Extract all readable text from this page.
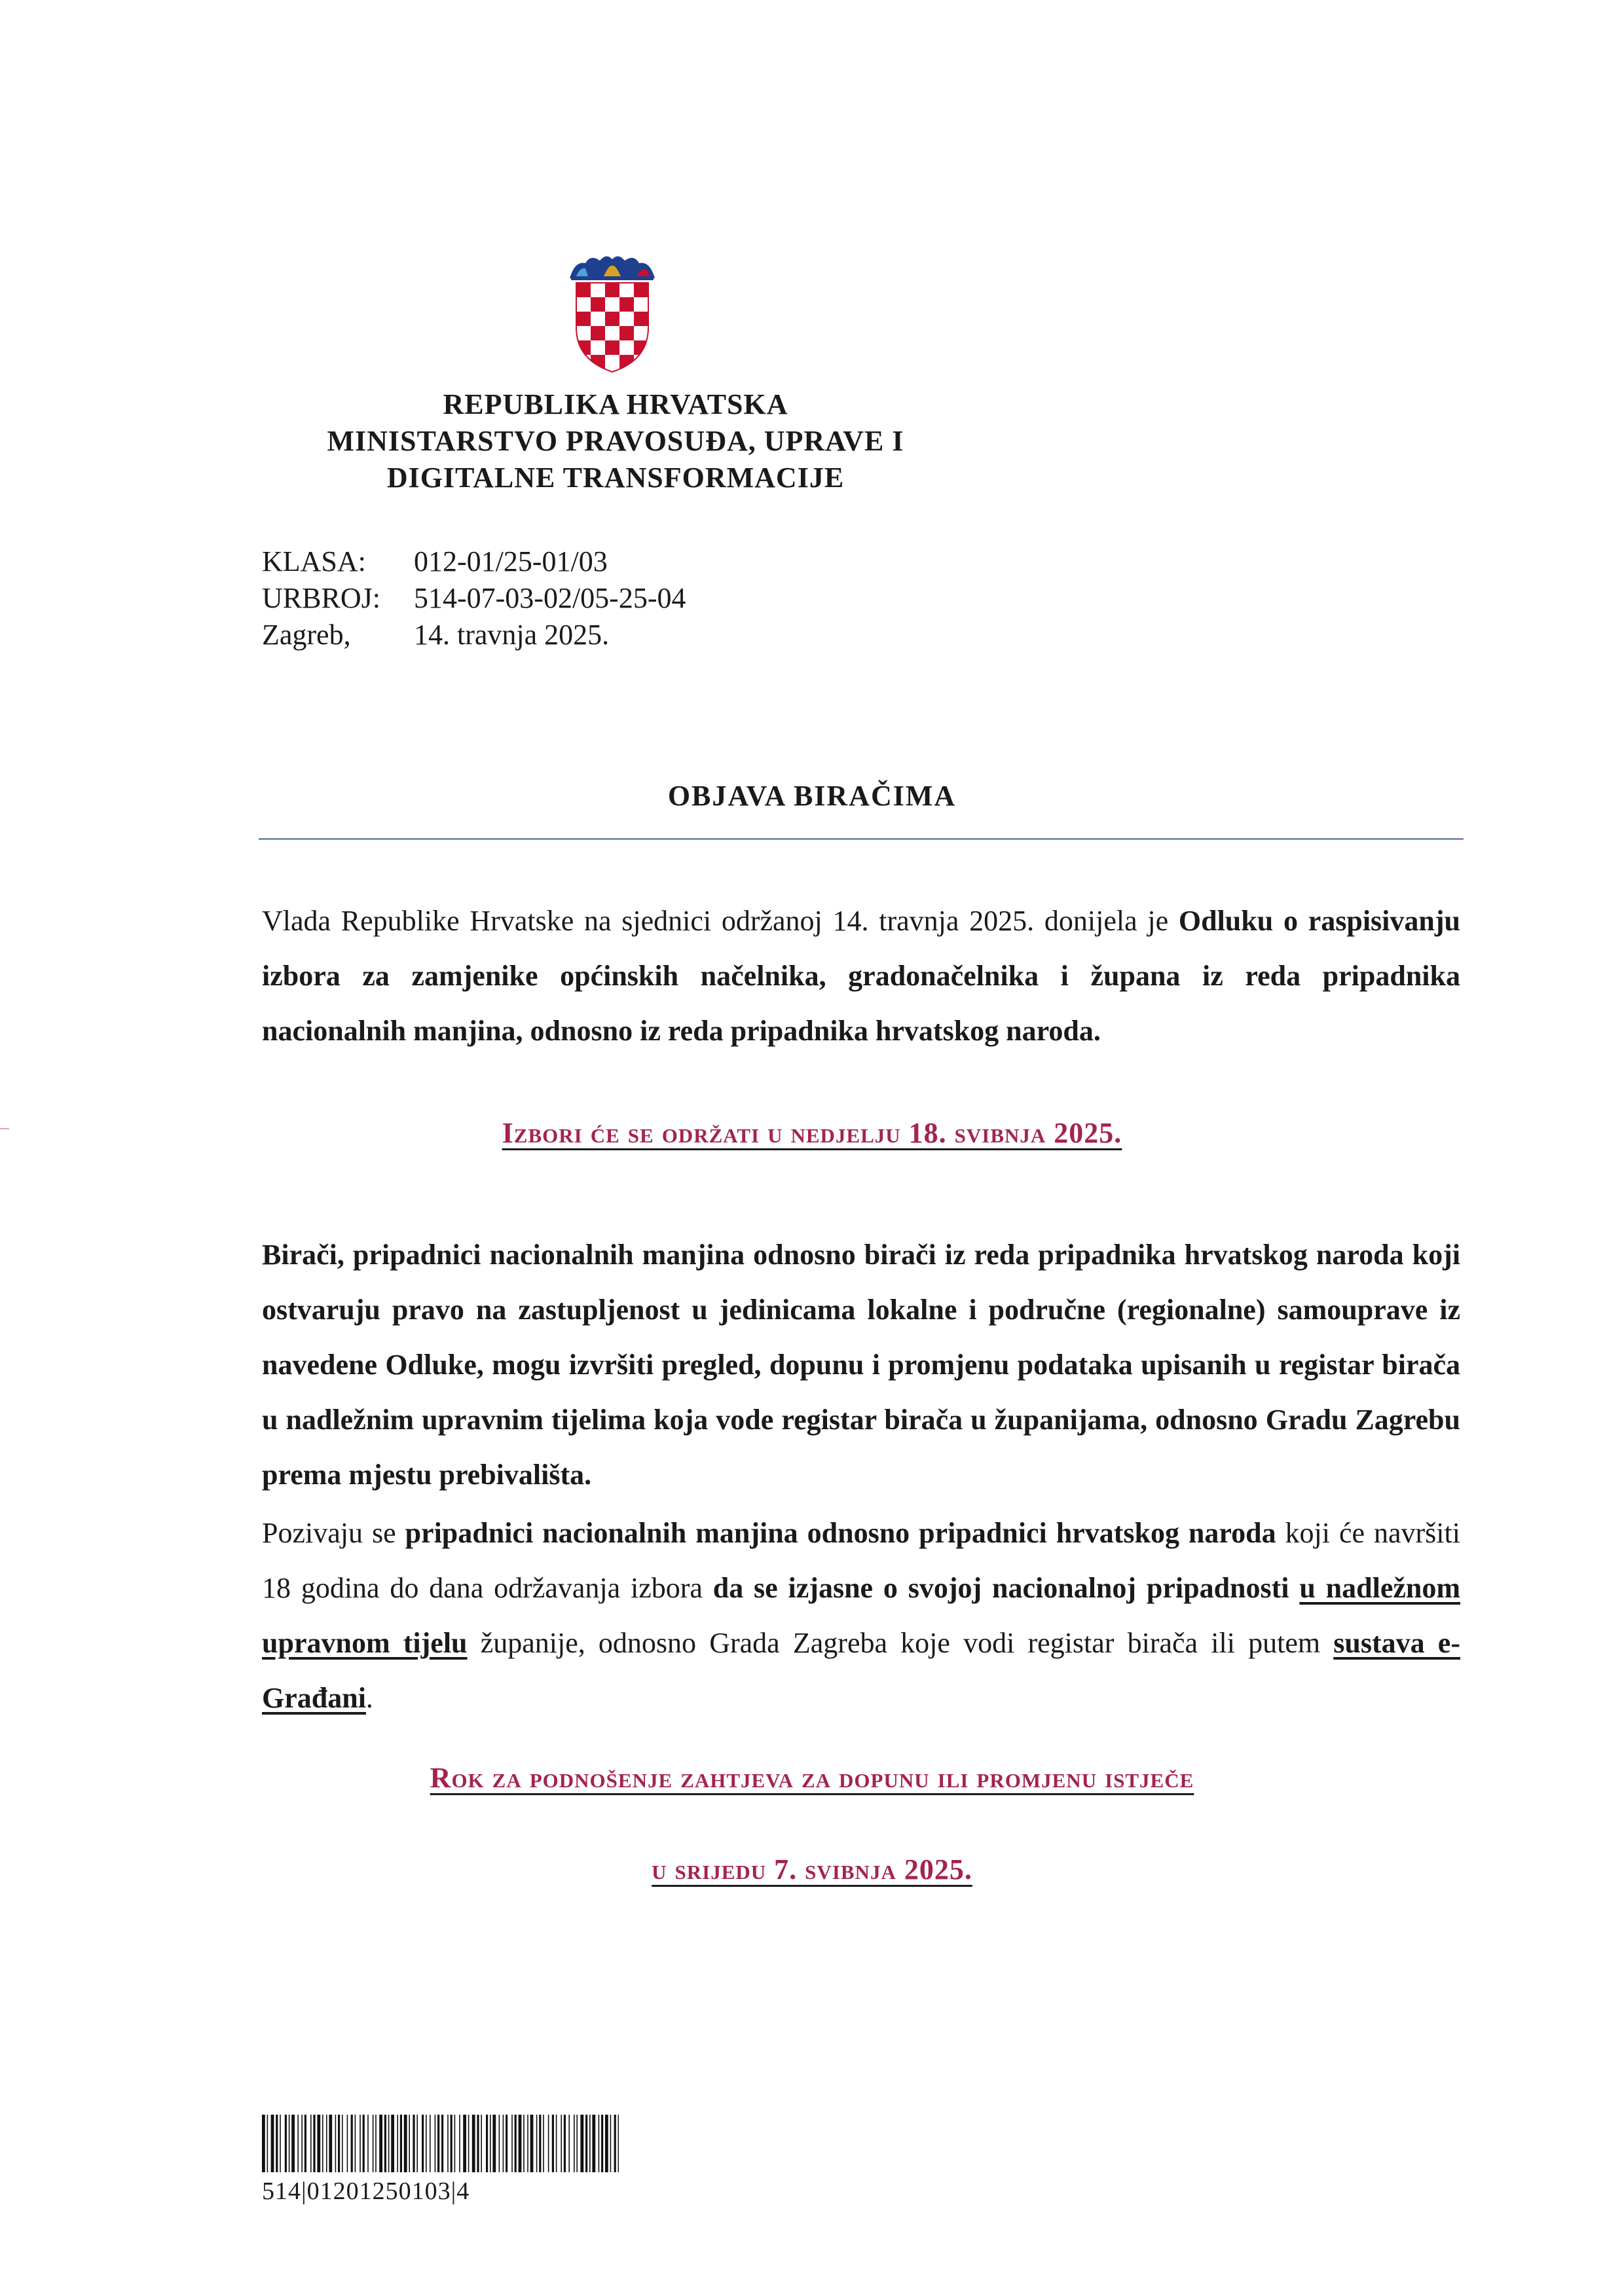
REPUBLIKA HRVATSKA
MINISTARSTVO PRAVOSUĐA, UPRAVE I
DIGITALNE TRANSFORMACIJE
KLASA:	012-01/25-01/03
URBROJ:	514-07-03-02/05-25-04
Zagreb,	14. travnja 2025.
OBJAVA BIRAČIMA
Vlada Republike Hrvatske na sjednici održanoj 14. travnja 2025. donijela je Odluku o raspisivanju izbora za zamjenike općinskih načelnika, gradonačelnika i župana iz reda pripadnika nacionalnih manjina, odnosno iz reda pripadnika hrvatskog naroda.
Izbori će se održati u nedjelju 18. svibnja 2025.
Birači, pripadnici nacionalnih manjina odnosno birači iz reda pripadnika hrvatskog naroda koji ostvaruju pravo na zastupljenost u jedinicama lokalne i područne (regionalne) samouprave iz navedene Odluke, mogu izvršiti pregled, dopunu i promjenu podataka upisanih u registar birača u nadležnim upravnim tijelima koja vode registar birača u županijama, odnosno Gradu Zagrebu prema mjestu prebivališta.
Pozivaju se pripadnici nacionalnih manjina odnosno pripadnici hrvatskog naroda koji će navršiti 18 godina do dana održavanja izbora da se izjasne o svojoj nacionalnoj pripadnosti u nadležnom upravnom tijelu županije, odnosno Grada Zagreba koje vodi registar birača ili putem sustava e-Građani.
Rok za podnošenje zahtjeva za dopunu ili promjenu istječe
u srijedu 7. svibnja 2025.
514|01201250103|4
